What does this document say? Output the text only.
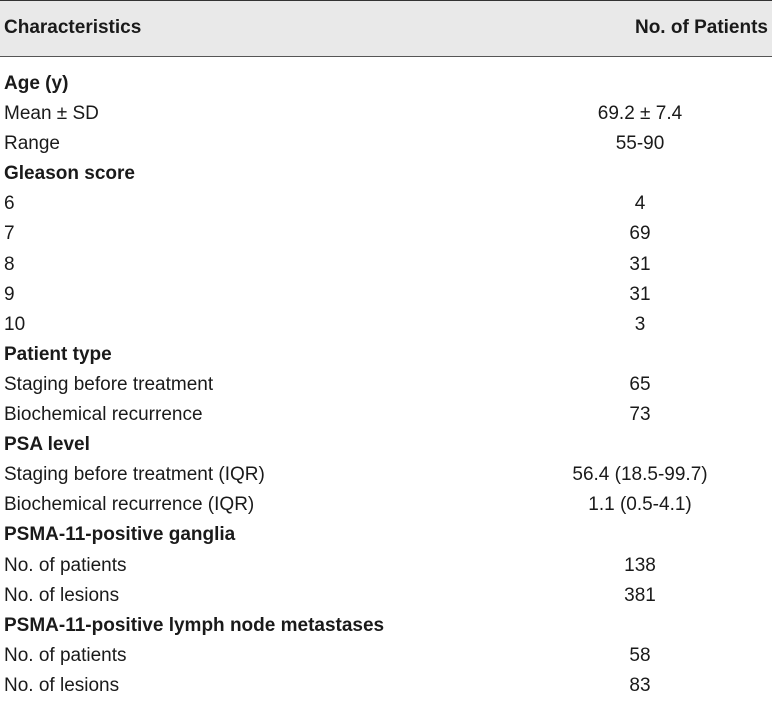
Characteristics	No. of Patients
Age (y)
Mean ± SD	69.2 ± 7.4
Range	55-90
Gleason score
6	4
7	69
8	31
9	31
10	3
Patient type
Staging before treatment	65
Biochemical recurrence	73
PSA level
Staging before treatment (IQR)	56.4 (18.5-99.7)
Biochemical recurrence (IQR)	1.1 (0.5-4.1)
PSMA-11-positive ganglia
No. of patients	138
No. of lesions	381
PSMA-11-positive lymph node metastases
No. of patients	58
No. of lesions	83
